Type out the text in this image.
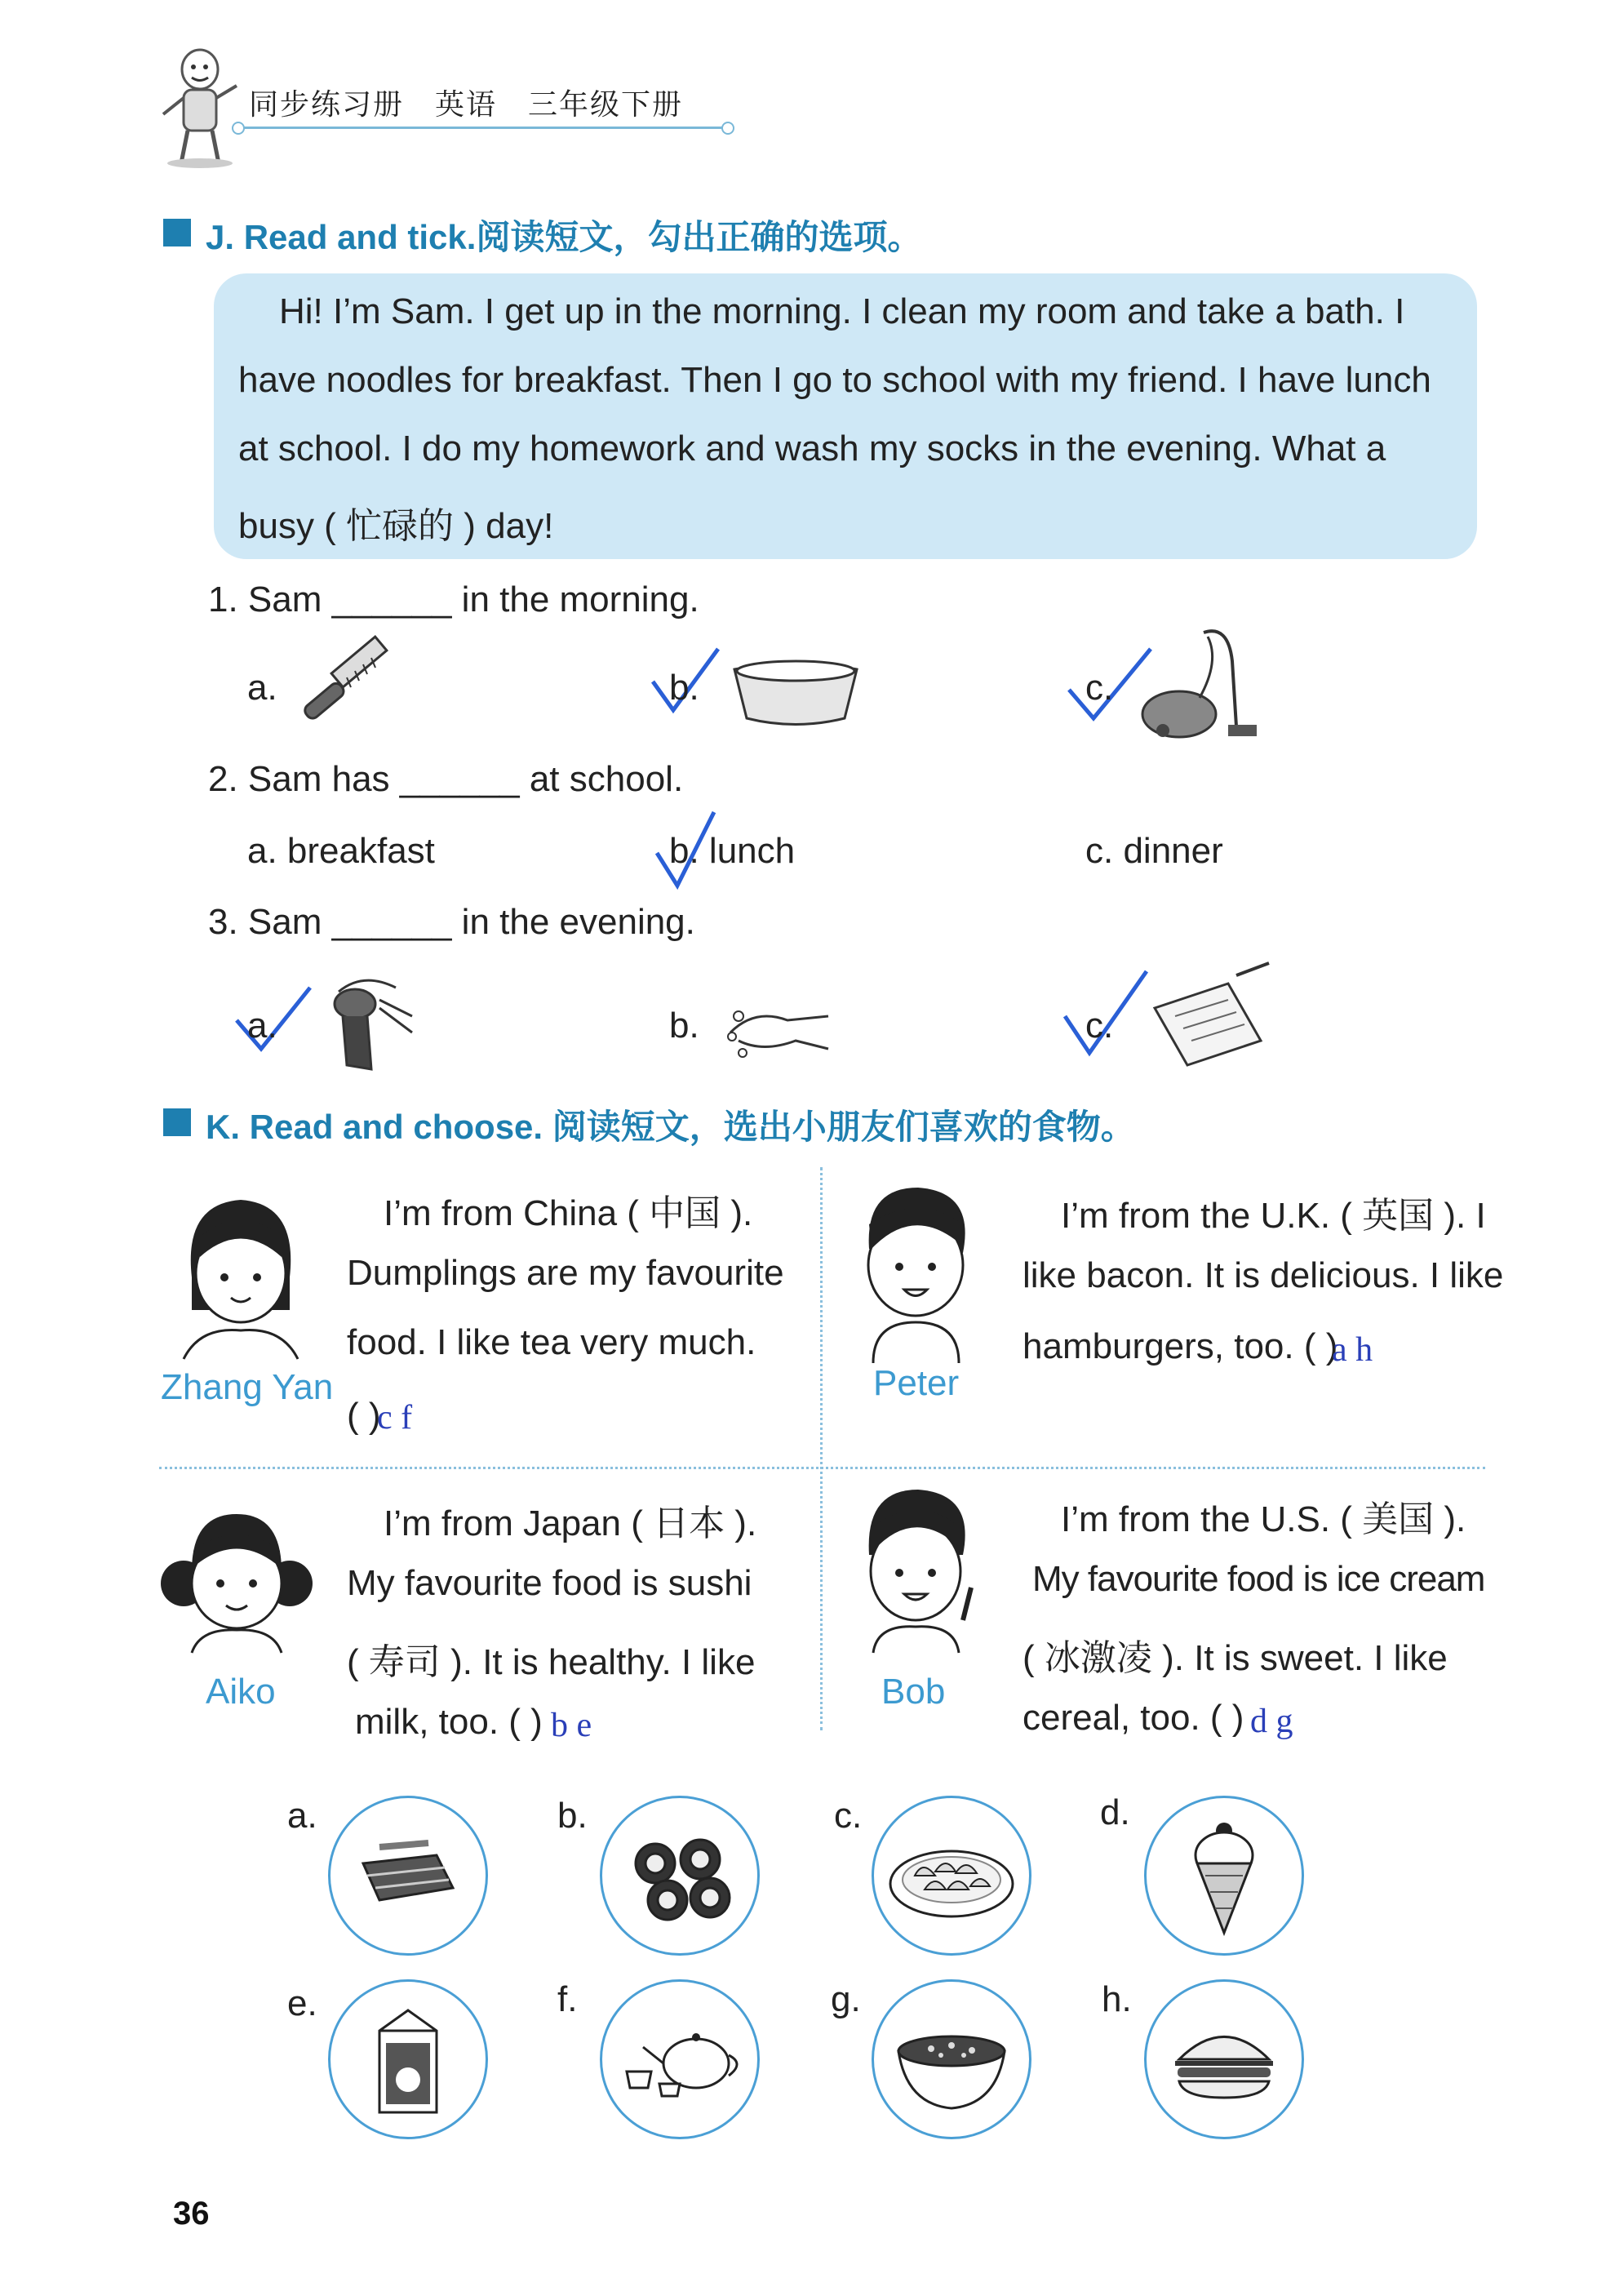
同步练习册　英语　三年级下册
J. Read and tick.阅读短文，勾出正确的选项。
Hi! I’m Sam. I get up in the morning. I clean my room and take a bath. I
have noodles for breakfast. Then I go to school with my friend. I have lunch
at school. I do my homework and wash my socks in the evening. What a
busy ( 忙碌的 ) day!
1. Sam ______ in the morning.
a.	b.	c.
2. Sam has ______ at school.
a. breakfast	b. lunch	c. dinner
3. Sam ______ in the evening.
a.	b.	c.
K. Read and choose. 阅读短文，选出小朋友们喜欢的食物。
Zhang Yan
I’m from China ( 中国 ).
Dumplings are my favourite
food. I like tea very much.
( )
c f
Peter
I’m from the U.K. ( 英国 ). I
like bacon. It is delicious. I like
hamburgers, too. ( )
a h
Aiko
I’m from Japan ( 日本 ).
My favourite food is sushi
( 寿司 ). It is healthy. I like
milk, too. ( ) b e
Bob
I’m from the U.S. ( 美国 ).
My favourite food is ice cream
( 冰激凌 ). It is sweet. I like
cereal, too. ( ) d g
a.	b.	c.	d.
e.	f.	g.	h.
36
